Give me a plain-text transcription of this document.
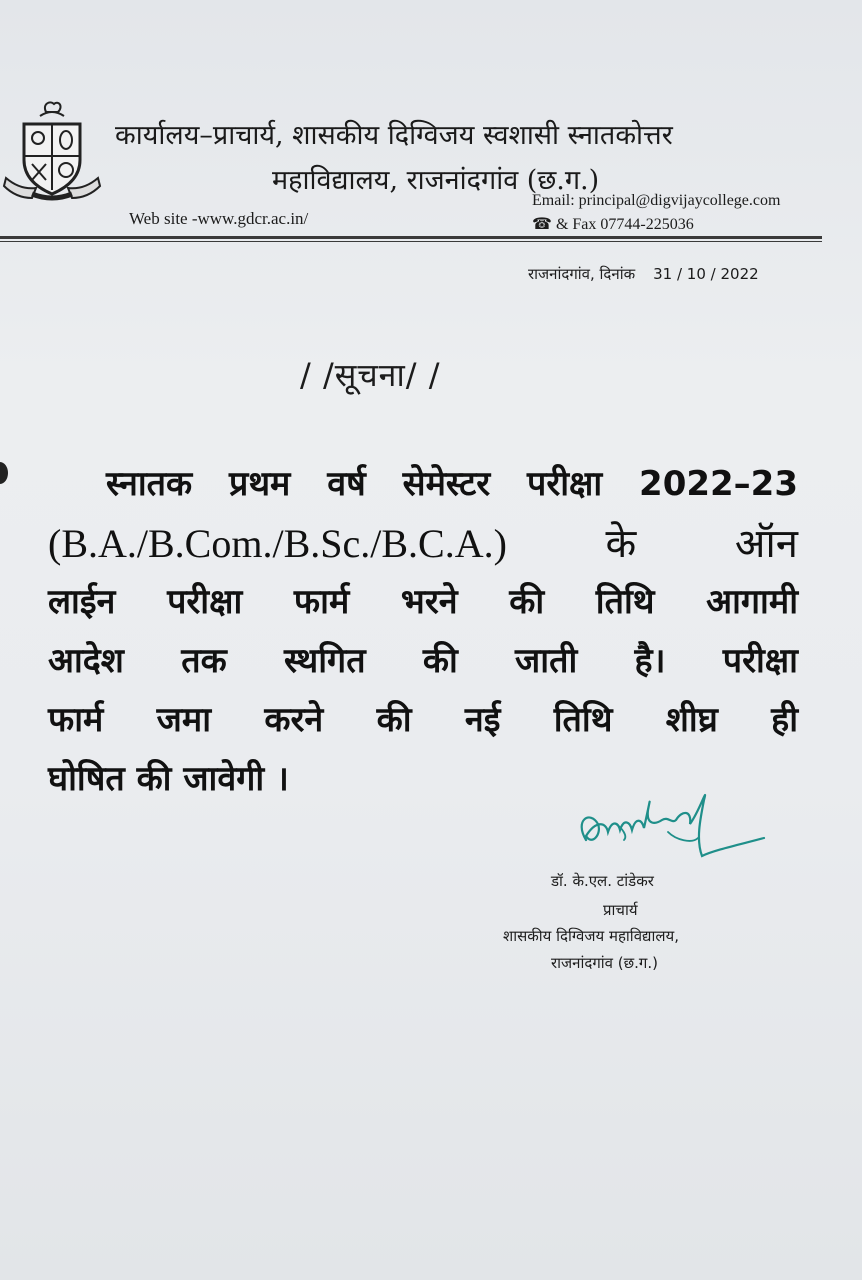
कार्यालय–प्राचार्य, शासकीय दिग्विजय स्वशासी स्नातकोत्तर
महाविद्यालय, राजनांदगांव (छ.ग.)
Web site -www.gdcr.ac.in/
Email: principal@digvijaycollege.com
☎ & Fax 07744-225036
राजनांदगांव, दिनांक 31 / 10 / 2022
/ /सूचना/ /
स्नातक प्रथम वर्ष सेमेस्टर परीक्षा 2022–23
(B.A./B.Com./B.Sc./B.C.A.) के ऑन
लाईन परीक्षा फार्म भरने की तिथि आगामी
आदेश तक स्थगित की जाती है। परीक्षा
फार्म जमा करने की नई तिथि शीघ्र ही
घोषित की जावेगी ।
डॉ. के.एल. टांडेकर
प्राचार्य
शासकीय दिग्विजय महाविद्यालय,
राजनांदगांव (छ.ग.)
